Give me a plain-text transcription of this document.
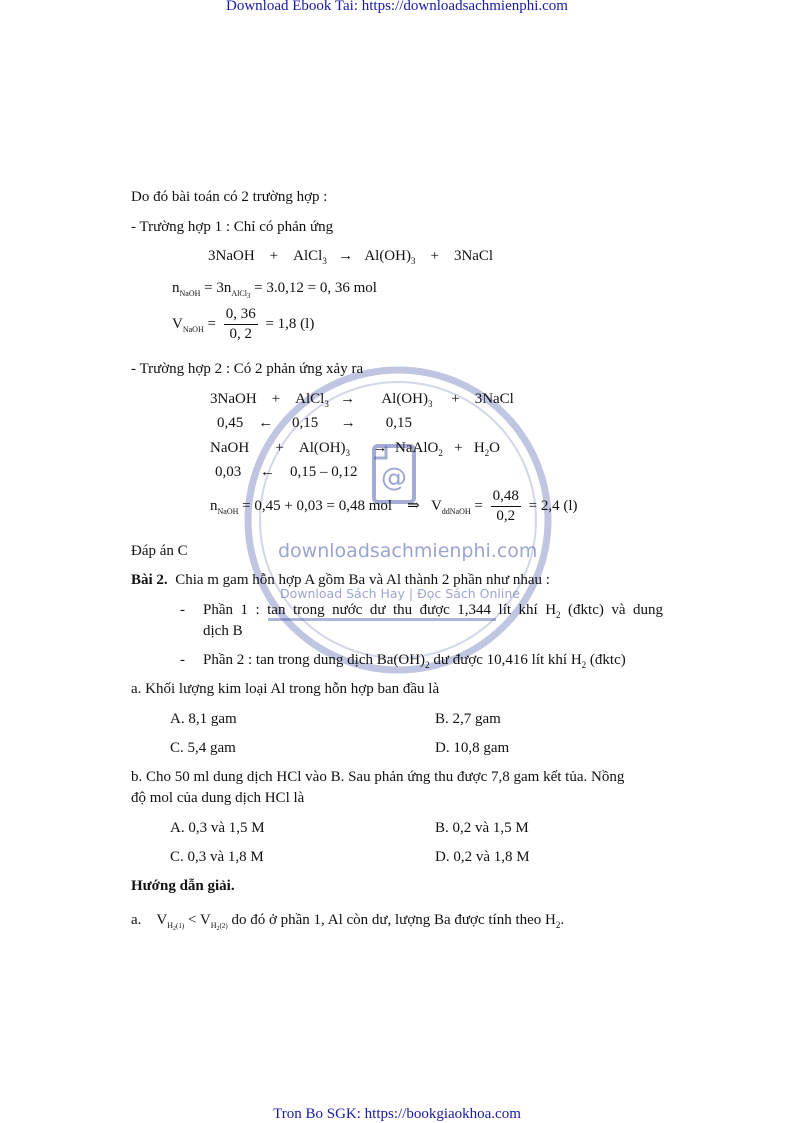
Download Ebook Tai: https://downloadsachmienphi.com
Tron Bo SGK: https://bookgiaokhoa.com
@
downloadsachmienphi.com
Download Sách Hay | Đọc Sách Online
Do đó bài toán có 2 trường hợp :
- Trường hợp 1 : Chỉ có phản ứng
3NaOH + AlCl$_3$ → $Al(OH)_3$ + 3NaCl
$n_{NaOH} = 3n_{AlCl3} = 3.0,12 = 0$, 36 mol
$V_{NaOH} = \frac{0, 36}{0, 2} = 1,8$ (l)
- Trường hợp 2 : Có 2 phản ứng xảy ra
3NaOH + AlCl$_3$ → $Al(OH)_3$ + 3NaCl
0,45 ← 0,15 → 0,15
NaOH + $Al(OH)_3$ → NaAlO$_2$ + $H_2O$
0,03 ← 0,15 – 0,12
$n_{NaOH} = 0,45 + 0,03 = 0,48$ mol ⇒ $V_{ddNaOH} = \frac{0,48}{0,2} = 2,4$ (l)
Đáp án C
Bài 2. Chia m gam hỗn hợp A gồm Ba và Al thành 2 phần như nhau :
- Phần 1 : tan trong nước dư thu được 1,344 lít khí $H_2$ (đktc) và dung
dịch B
- Phần 2 : tan trong dung dịch $Ba(OH)_2$ dư được 10,416 lít khí $H_2$ (đktc)
a. Khối lượng kim loại Al trong hỗn hợp ban đầu là
A. 8,1 gam	B. 2,7 gam
C. 5,4 gam	D. 10,8 gam
b. Cho 50 ml dung dịch HCl vào B. Sau phản ứng thu được 7,8 gam kết tủa. Nồng
độ mol của dung dịch HCl là
A. 0,3 và 1,5 M	B. 0,2 và 1,5 M
C. 0,3 và 1,8 M	D. 0,2 và 1,8 M
Hướng dẫn giải.
a. $V_{H2(1)} < V_{H2(2)}$ do đó ở phần 1, Al còn dư, lượng Ba được tính theo $H_2$.
